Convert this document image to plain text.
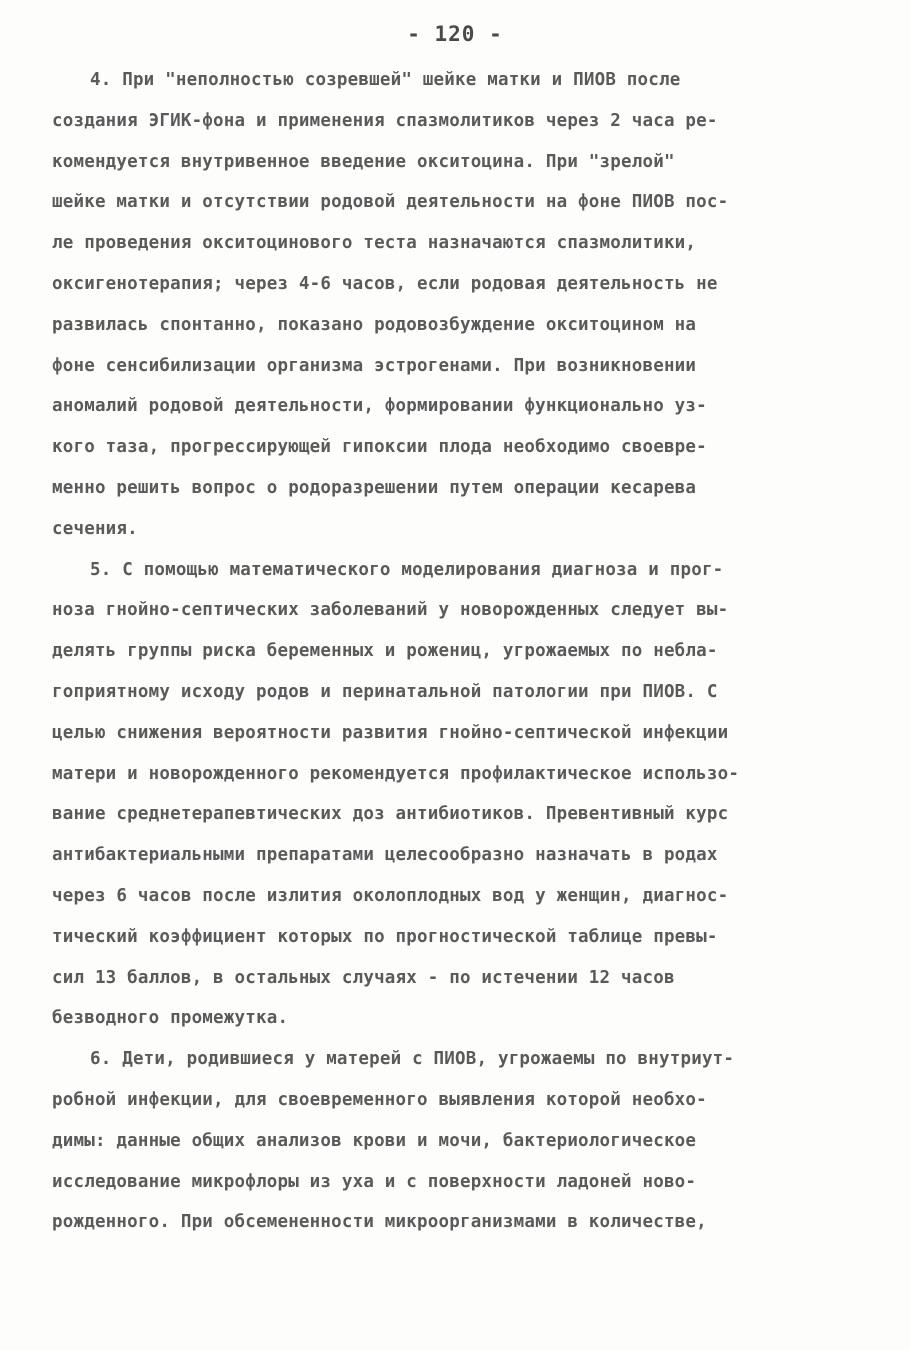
- 120 -
4. При "неполностью созревшей" шейке матки и ПИОВ после
создания ЭГИК-фона и применения спазмолитиков через 2 часа ре-
комендуется внутривенное введение окситоцина. При "зрелой"
шейке матки и отсутствии родовой деятельности на фоне ПИОВ пос-
ле проведения окситоцинового теста назначаются спазмолитики,
оксигенотерапия; через 4-6 часов, если родовая деятельность не
развилась спонтанно, показано родовозбуждение окситоцином на
фоне сенсибилизации организма эстрогенами. При возникновении
аномалий родовой деятельности, формировании функционально уз-
кого таза, прогрессирующей гипоксии плода необходимо своевре-
менно решить вопрос о родоразрешении путем операции кесарева
сечения.
5. С помощью математического моделирования диагноза и прог-
ноза гнойно-септических заболеваний у новорожденных следует вы-
делять группы риска беременных и рожениц, угрожаемых по небла-
гоприятному исходу родов и перинатальной патологии при ПИОВ. С
целью снижения вероятности развития гнойно-септической инфекции
матери и новорожденного рекомендуется профилактическое использо-
вание среднетерапевтических доз антибиотиков. Превентивный курс
антибактериальными препаратами целесообразно назначать в родах
через 6 часов после излития околоплодных вод у женщин, диагнос-
тический коэффициент которых по прогностической таблице превы-
сил 13 баллов, в остальных случаях - по истечении 12 часов
безводного промежутка.
6. Дети, родившиеся у матерей с ПИОВ, угрожаемы по внутриут-
робной инфекции, для своевременного выявления которой необхо-
димы: данные общих анализов крови и мочи, бактериологическое
исследование микрофлоры из уха и с поверхности ладоней ново-
рожденного. При обсемененности микроорганизмами в количестве,
